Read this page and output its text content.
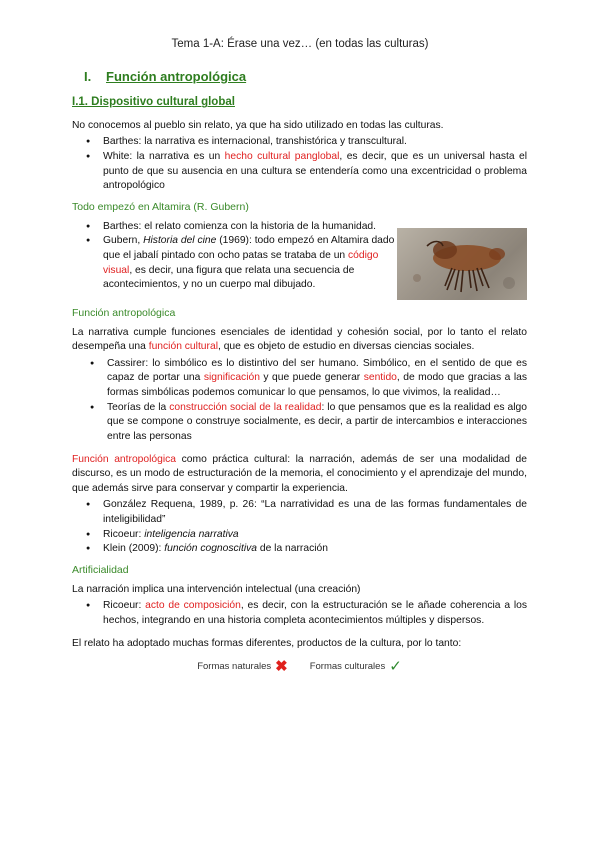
Tema 1-A: Érase una vez… (en todas las culturas)
I.	Función antropológica
I.1. Dispositivo cultural global

No conocemos al pueblo sin relato, ya que ha sido utilizado en todas las culturas.

● Barthes: la narrativa es internacional, transhistórica y transcultural.
● White: la narrativa es un hecho cultural panglobal, es decir, que es un universal hasta el punto de que su ausencia en una cultura se entendería como una excentricidad o problema antropológico
Todo empezó en Altamira (R. Gubern)
● Barthes: el relato comienza con la historia de la humanidad.
● Gubern, Historia del cine (1969): todo empezó en Altamira dado que el jabalí pintado con ocho patas se trataba de un código visual, es decir, una figura que relata una secuencia de acontecimientos, y no un cuerpo mal dibujado.
Función antropológica

La narrativa cumple funciones esenciales de identidad y cohesión social, por lo tanto el relato desempeña una función cultural, que es objeto de estudio en diversas ciencias sociales.

● Cassirer: lo simbólico es lo distintivo del ser humano. Simbólico, en el sentido de que es capaz de portar una significación y que puede generar sentido, de modo que gracias a las formas simbólicas podemos comunicar lo que pensamos, lo que vivimos, la realidad…
● Teorías de la construcción social de la realidad: lo que pensamos que es la realidad es algo que se compone o construye socialmente, es decir, a partir de intercambios e interacciones entre las personas

Función antropológica como práctica cultural: la narración, además de ser una modalidad de discurso, es un modo de estructuración de la memoria, el conocimiento y el aprendizaje del mundo, que además sirve para conservar y compartir la experiencia.

● González Requena, 1989, p. 26: “La narratividad es una de las formas fundamentales de inteligibilidad”
● Ricoeur: inteligencia narrativa
● Klein (2009): función cognoscitiva de la narración
Artificialidad

La narración implica una intervención intelectual (una creación)

● Ricoeur: acto de composición, es decir, con la estructuración se le añade coherencia a los hechos, integrando en una historia completa acontecimientos múltiples y dispersos.

El relato ha adoptado muchas formas diferentes, productos de la cultura, por lo tanto:

Formas naturales ✖ Formas culturales ✓
